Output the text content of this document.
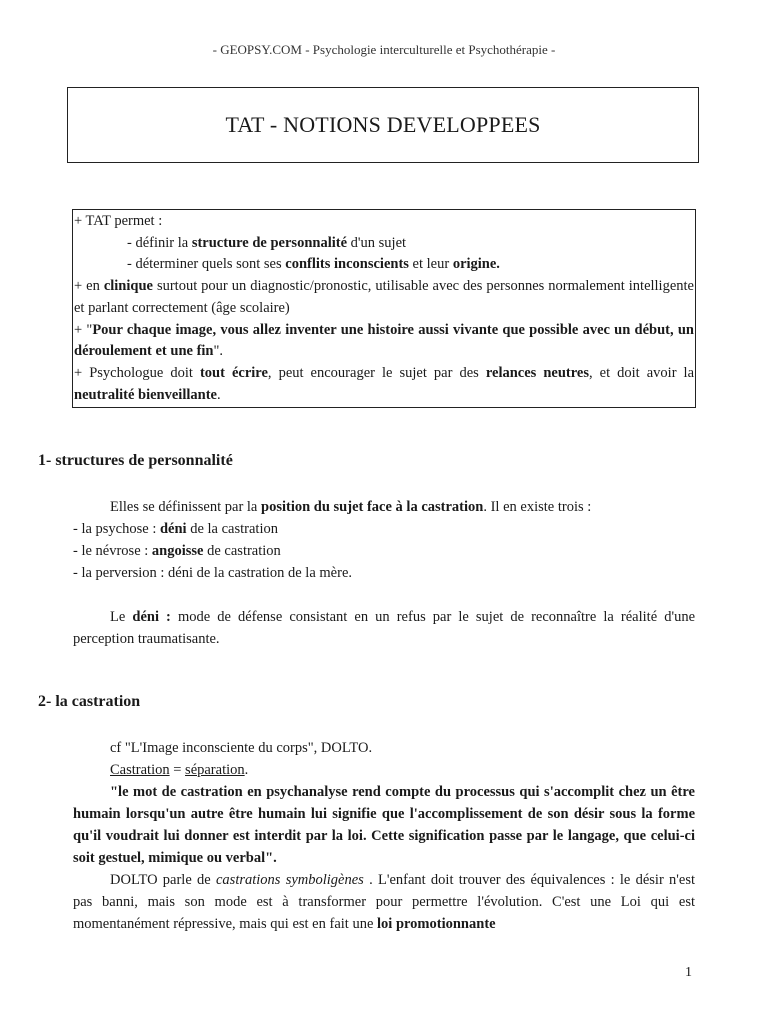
- GEOPSY.COM - Psychologie interculturelle et Psychothérapie -
TAT - NOTIONS DEVELOPPEES

+ TAT permet :

- définir la structure de personnalité d'un sujet

- déterminer quels sont ses conflits inconscients et leur origine.

+ en clinique surtout pour un diagnostic/pronostic, utilisable avec des personnes normalement intelligente et parlant correctement (âge scolaire)

+ "Pour chaque image, vous allez inventer une histoire aussi vivante que possible avec un début, un déroulement et une fin".

+ Psychologue doit tout écrire, peut encourager le sujet par des relances neutres, et doit avoir la neutralité bienveillante.

1- structures de personnalité

Elles se définissent par la position du sujet face à la castration. Il en existe trois :

- la psychose : déni de la castration

- le névrose : angoisse de castration

- la perversion : déni de la castration de la mère.

Le déni : mode de défense consistant en un refus par le sujet de reconnaître la réalité d'une perception traumatisante.

2- la castration

cf "L'Image inconsciente du corps", DOLTO.

Castration = séparation.

"le mot de castration en psychanalyse rend compte du processus qui s'accomplit chez un être humain lorsqu'un autre être humain lui signifie que l'accomplissement de son désir sous la forme qu'il voudrait lui donner est interdit par la loi. Cette signification passe par le langage, que celui-ci soit gestuel, mimique ou verbal".

DOLTO parle de castrations symboligènes . L'enfant doit trouver des équivalences : le désir n'est pas banni, mais son mode est à transformer pour permettre l'évolution. C'est une Loi qui est momentanément répressive, mais qui est en fait une loi promotionnante

1
